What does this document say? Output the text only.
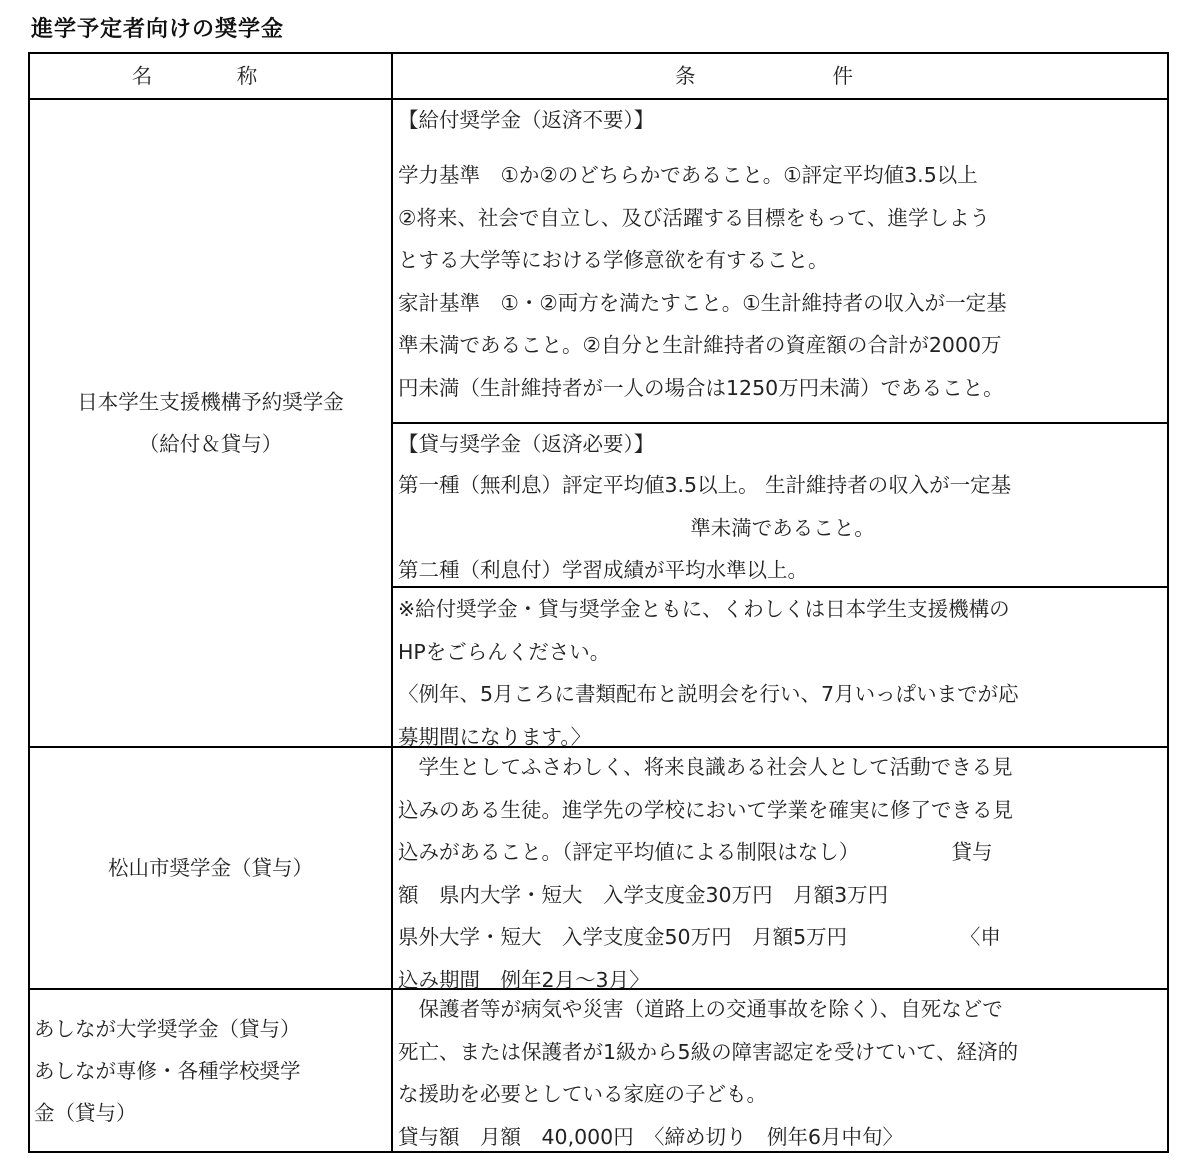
進学予定者向けの奨学金
名　称	条　　件
日本学生支援機構予約奨学金
（給付＆貸与）
【給付奨学金（返済不要）】
学力基準　①か②のどちらかであること。①評定平均値3.5以上
②将来、社会で自立し、及び活躍する目標をもって、進学しよう
とする大学等における学修意欲を有すること。
家計基準　①・②両方を満たすこと。①生計維持者の収入が一定基
準未満であること。②自分と生計維持者の資産額の合計が2000万
円未満（生計維持者が一人の場合は1250万円未満）であること。
【貸与奨学金（返済必要）】
第一種（無利息）評定平均値3.5以上。 生計維持者の収入が一定基
準未満であること。
第二種（利息付）学習成績が平均水準以上。
※給付奨学金・貸与奨学金ともに、くわしくは日本学生支援機構の
HPをごらんください。
〈例年、5月ころに書類配布と説明会を行い、7月いっぱいまでが応
募期間になります。〉
松山市奨学金（貸与）
　学生としてふさわしく、将来良識ある社会人として活動できる見
込みのある生徒。進学先の学校において学業を確実に修了できる見
込みがあること。（評定平均値による制限はなし）　　　　　貸与
額　県内大学・短大　入学支度金30万円　月額3万円
県外大学・短大　入学支度金50万円　月額5万円　　　　　　〈申
込み期間　例年2月～3月〉
あしなが大学奨学金（貸与）
あしなが専修・各種学校奨学
金（貸与）
　保護者等が病気や災害（道路上の交通事故を除く）、自死などで
死亡、または保護者が1級から5級の障害認定を受けていて、経済的
な援助を必要としている家庭の子ども。
貸与額　月額　40,000円　〈締め切り　例年6月中旬〉
